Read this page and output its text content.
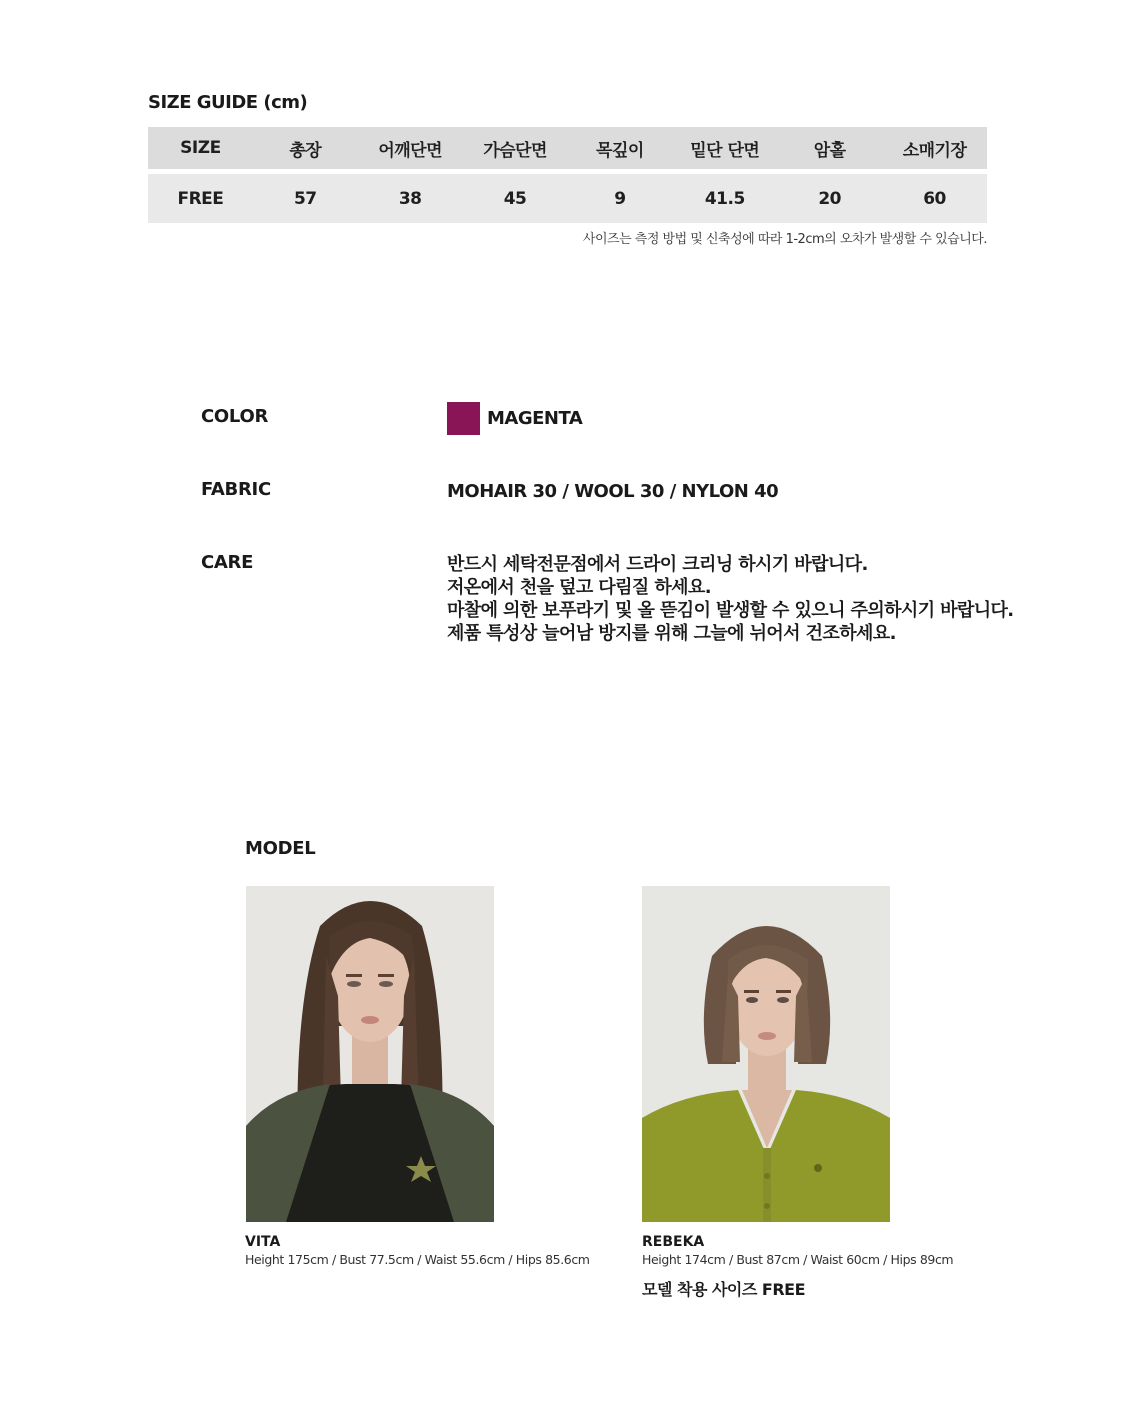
SIZE GUIDE (cm)
SIZE	총장	어깨단면	가슴단면	목깊이	밑단 단면	암홀	소매기장
FREE	57	38	45	9	41.5	20	60
사이즈는 측정 방법 및 신축성에 따라 1-2cm의 오차가 발생할 수 있습니다.
COLOR	MAGENTA
FABRIC	MOHAIR 30 / WOOL 30 / NYLON 40
CARE	반드시 세탁전문점에서 드라이 크리닝 하시기 바랍니다.
저온에서 천을 덮고 다림질 하세요.
마찰에 의한 보푸라기 및 올 뜯김이 발생할 수 있으니 주의하시기 바랍니다.
제품 특성상 늘어남 방지를 위해 그늘에 뉘어서 건조하세요.
MODEL
VITA
Height 175cm / Bust 77.5cm / Waist 55.6cm / Hips 85.6cm
REBEKA
Height 174cm / Bust 87cm / Waist 60cm / Hips 89cm
모델 착용 사이즈 FREE
